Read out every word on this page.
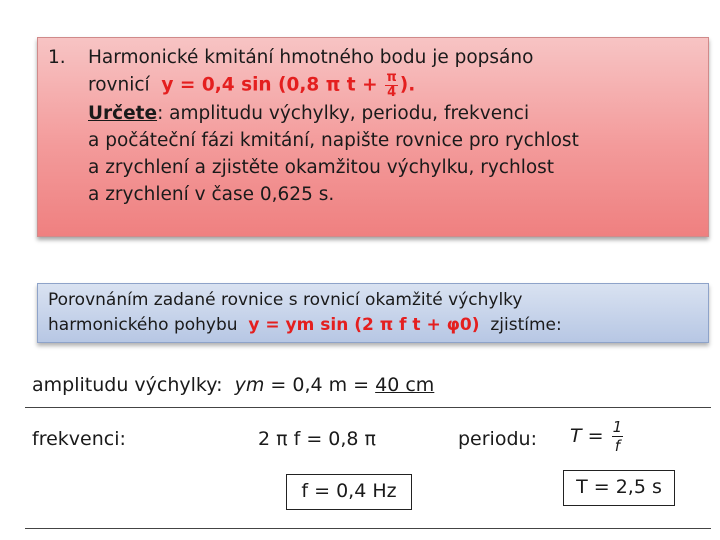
1. Harmonické kmitání hmotného bodu je popsáno
rovnicí y = 0,4 sin (0,8 π $t + \frac{\pi}{4}$ ).
Určete: amplitudu výchylky, periodu, frekvenci
a počáteční fázi kmitání, napište rovnice pro rychlost
a zrychlení a zjistěte okamžitou výchylku, rychlost
a zrychlení v čase 0,625 s.
Porovnáním zadané rovnice s rovnicí okamžité výchylky
harmonického pohybu y = ym sin (2 π f t + φ0) zjistíme:
amplitudu výchylky: ym = 0,4 m = 40 cm
frekvenci:	2 π f = 0,8 π	periodu: $T = \frac{1}{f}$
f = 0,4 Hz	T = 2,5 s
